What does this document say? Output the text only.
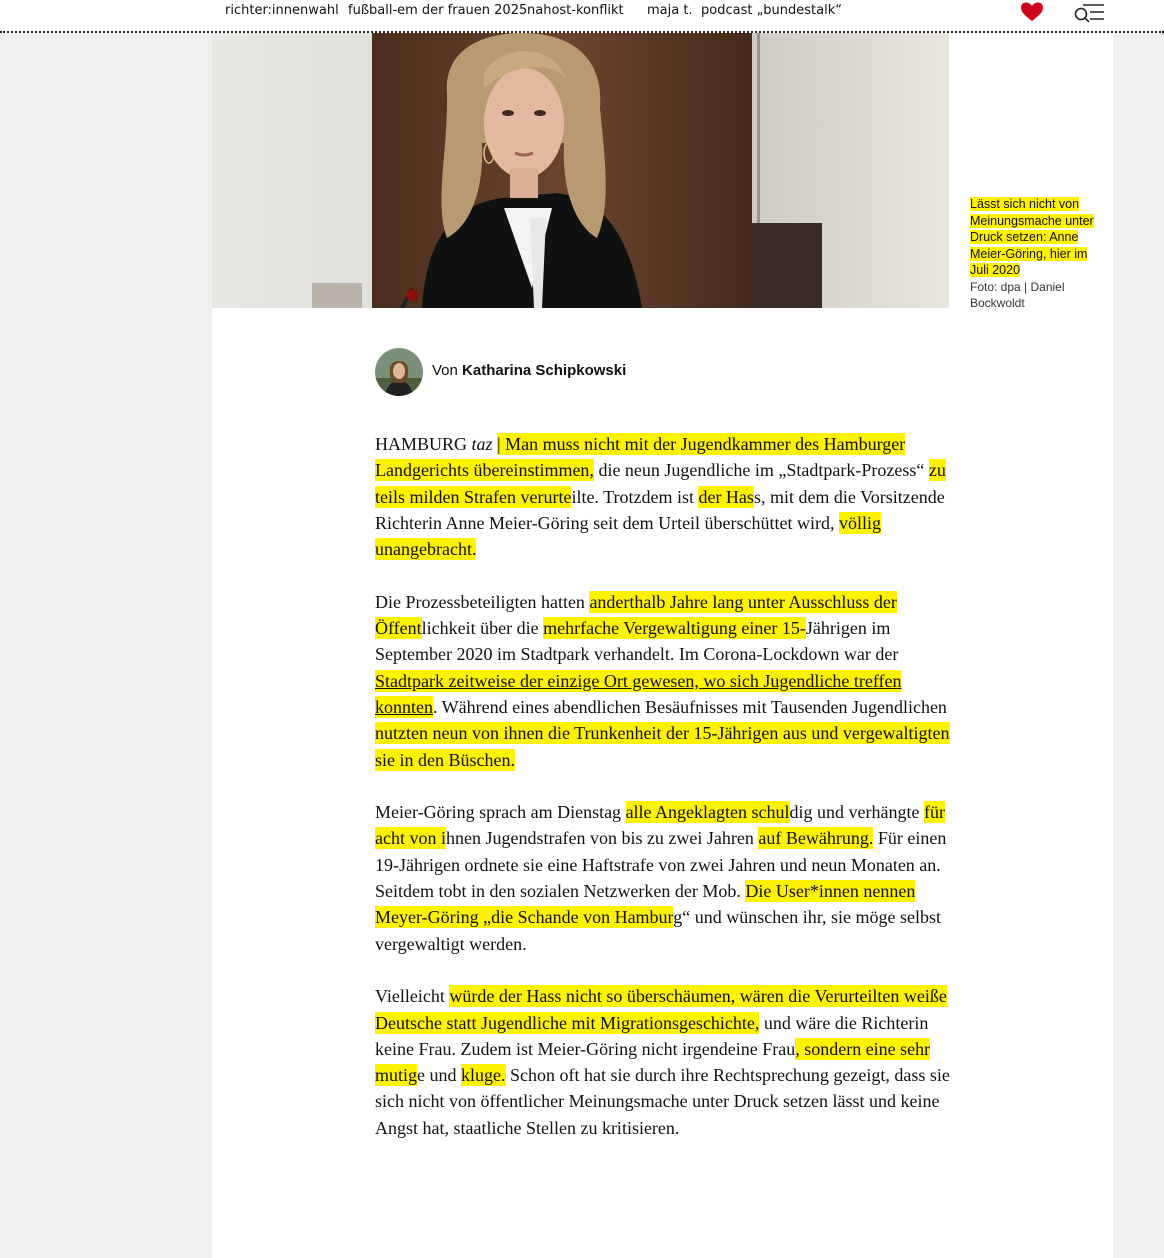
richter:innenwahl fußball-em der frauen 2025 nahost-konflikt maja t. podcast „bundestalk“
Lässt sich nicht von Meinungsmache unter Druck setzen: Anne Meier-Göring, hier im Juli 2020
Foto: dpa | Daniel Bockwoldt
Von Katharina Schipkowski

HAMBURG taz | Man muss nicht mit der Jugendkammer des Hamburger Landgerichts übereinstimmen, die neun Jugendliche im „Stadtpark-Prozess“ zu teils milden Strafen verurteilte. Trotzdem ist der Hass, mit dem die Vorsitzende Richterin Anne Meier-Göring seit dem Urteil überschüttet wird, völlig unangebracht.

Die Prozessbeteiligten hatten anderthalb Jahre lang unter Ausschluss der Öffentlichkeit über die mehrfache Vergewaltigung einer 15-Jährigen im September 2020 im Stadtpark verhandelt. Im Corona-Lockdown war der Stadtpark zeitweise der einzige Ort gewesen, wo sich Jugendliche treffen konnten. Während eines abendlichen Besäufnisses mit Tausenden Jugendlichen nutzten neun von ihnen die Trunkenheit der 15-Jährigen aus und vergewaltigten sie in den Büschen.

Meier-Göring sprach am Dienstag alle Angeklagten schuldig und verhängte für acht von ihnen Jugendstrafen von bis zu zwei Jahren auf Bewährung. Für einen 19-Jährigen ordnete sie eine Haftstrafe von zwei Jahren und neun Monaten an. Seitdem tobt in den sozialen Netzwerken der Mob. Die User*innen nennen Meyer-Göring „die Schande von Hamburg“ und wünschen ihr, sie möge selbst vergewaltigt werden.

Vielleicht würde der Hass nicht so überschäumen, wären die Verurteilten weiße Deutsche statt Jugendliche mit Migrationsgeschichte, und wäre die Richterin keine Frau. Zudem ist Meier-Göring nicht irgendeine Frau, sondern eine sehr mutige und kluge. Schon oft hat sie durch ihre Rechtsprechung gezeigt, dass sie sich nicht von öffentlicher Meinungsmache unter Druck setzen lässt und keine Angst hat, staatliche Stellen zu kritisieren.
